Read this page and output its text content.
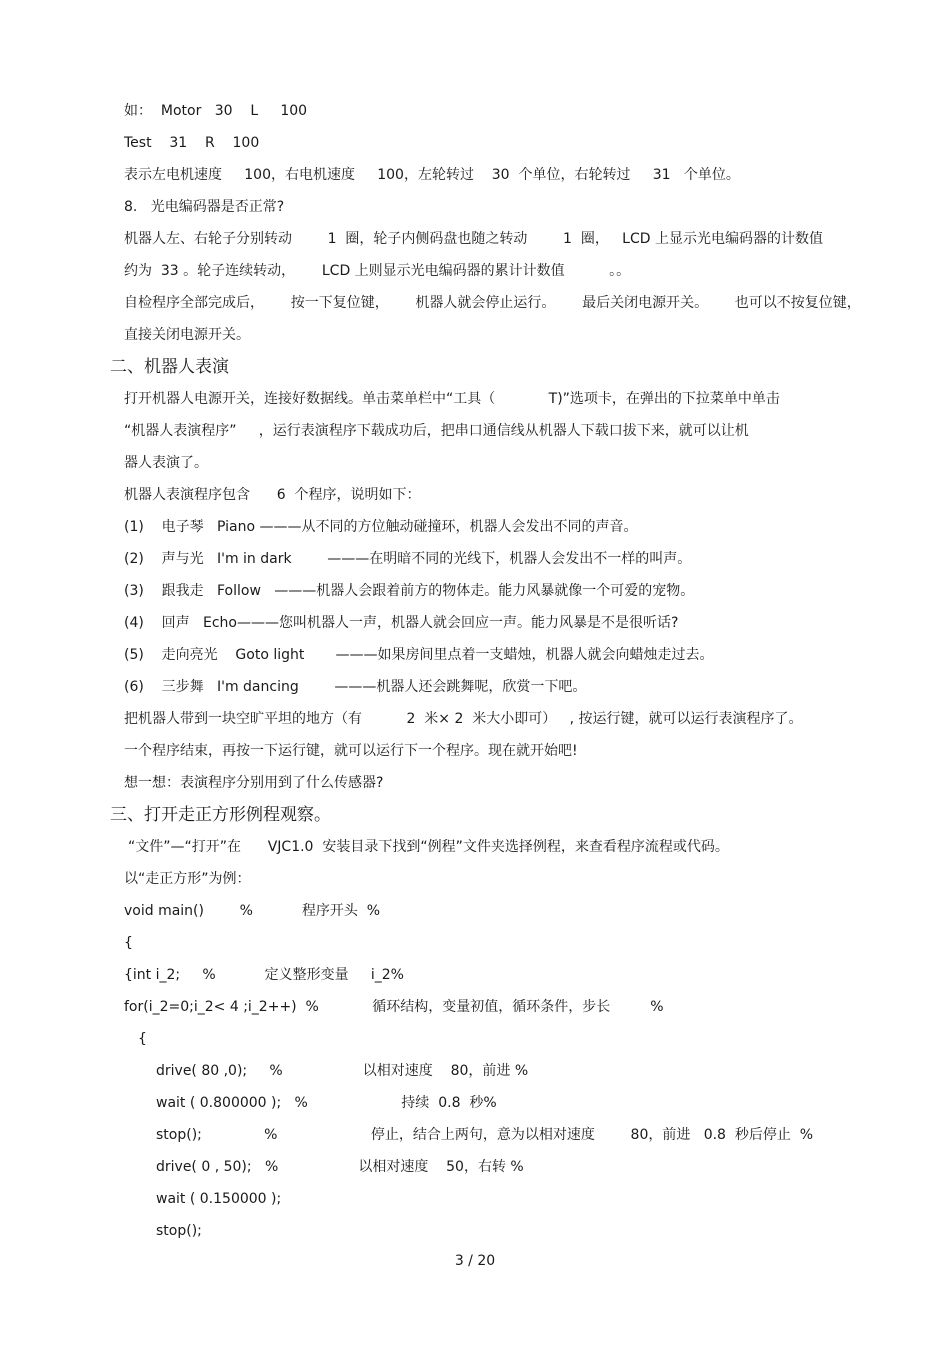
如：  Motor   30    L     100
Test    31    R    100
表示左电机速度     100，右电机速度     100，左轮转过    30  个单位，右轮转过     31   个单位。
8.   光电编码器是否正常?
机器人左、右轮子分别转动        1  圈，轮子内侧码盘也随之转动        1  圈，   LCD 上显示光电编码器的计数值
约为  33 。轮子连续转动，      LCD 上则显示光电编码器的累计计数值          。。
自检程序全部完成后，      按一下复位键，      机器人就会停止运行。      最后关闭电源开关。      也可以不按复位键，
直接关闭电源开关。
二、机器人表演
打开机器人电源开关，连接好数据线。单击菜单栏中“工具（            T)”选项卡，在弹出的下拉菜单中单击
“机器人表演程序”     ，运行表演程序下载成功后，把串口通信线从机器人下载口拔下来，就可以让机
器人表演了。
机器人表演程序包含      6  个程序，说明如下：
(1)    电子琴   Piano ———从不同的方位触动碰撞环，机器人会发出不同的声音。
(2)    声与光   I'm in dark        ———在明暗不同的光线下，机器人会发出不一样的叫声。
(3)    跟我走   Follow   ———机器人会跟着前方的物体走。能力风暴就像一个可爱的宠物。
(4)    回声   Echo———您叫机器人一声，机器人就会回应一声。能力风暴是不是很听话?
(5)    走向亮光    Goto light       ———如果房间里点着一支蜡烛，机器人就会向蜡烛走过去。
(6)    三步舞   I'm dancing        ———机器人还会跳舞呢，欣赏一下吧。
把机器人带到一块空旷平坦的地方（有          2  米× 2  米大小即可）   , 按运行键，就可以运行表演程序了。
一个程序结束，再按一下运行键，就可以运行下一个程序。现在就开始吧!
想一想：表演程序分别用到了什么传感器?
三、打开走正方形例程观察。
“文件”—“打开”在      VJC1.0  安装目录下找到“例程”文件夹选择例程，来查看程序流程或代码。
以“走正方形”为例：
void main()        %           程序开头  %
{
{int i_2;     %           定义整形变量     i_2%
for(i_2=0;i_2< 4 ;i_2++)  %            循环结构，变量初值，循环条件，步长         %
{
drive( 80 ,0);     %                  以相对速度    80，前进 %
wait ( 0.800000 );   %                     持续  0.8  秒%
stop();              %                     停止，结合上两句，意为以相对速度        80，前进   0.8  秒后停止  %
drive( 0 , 50);   %                  以相对速度    50，右转 %
wait ( 0.150000 );
stop();
3 / 20
